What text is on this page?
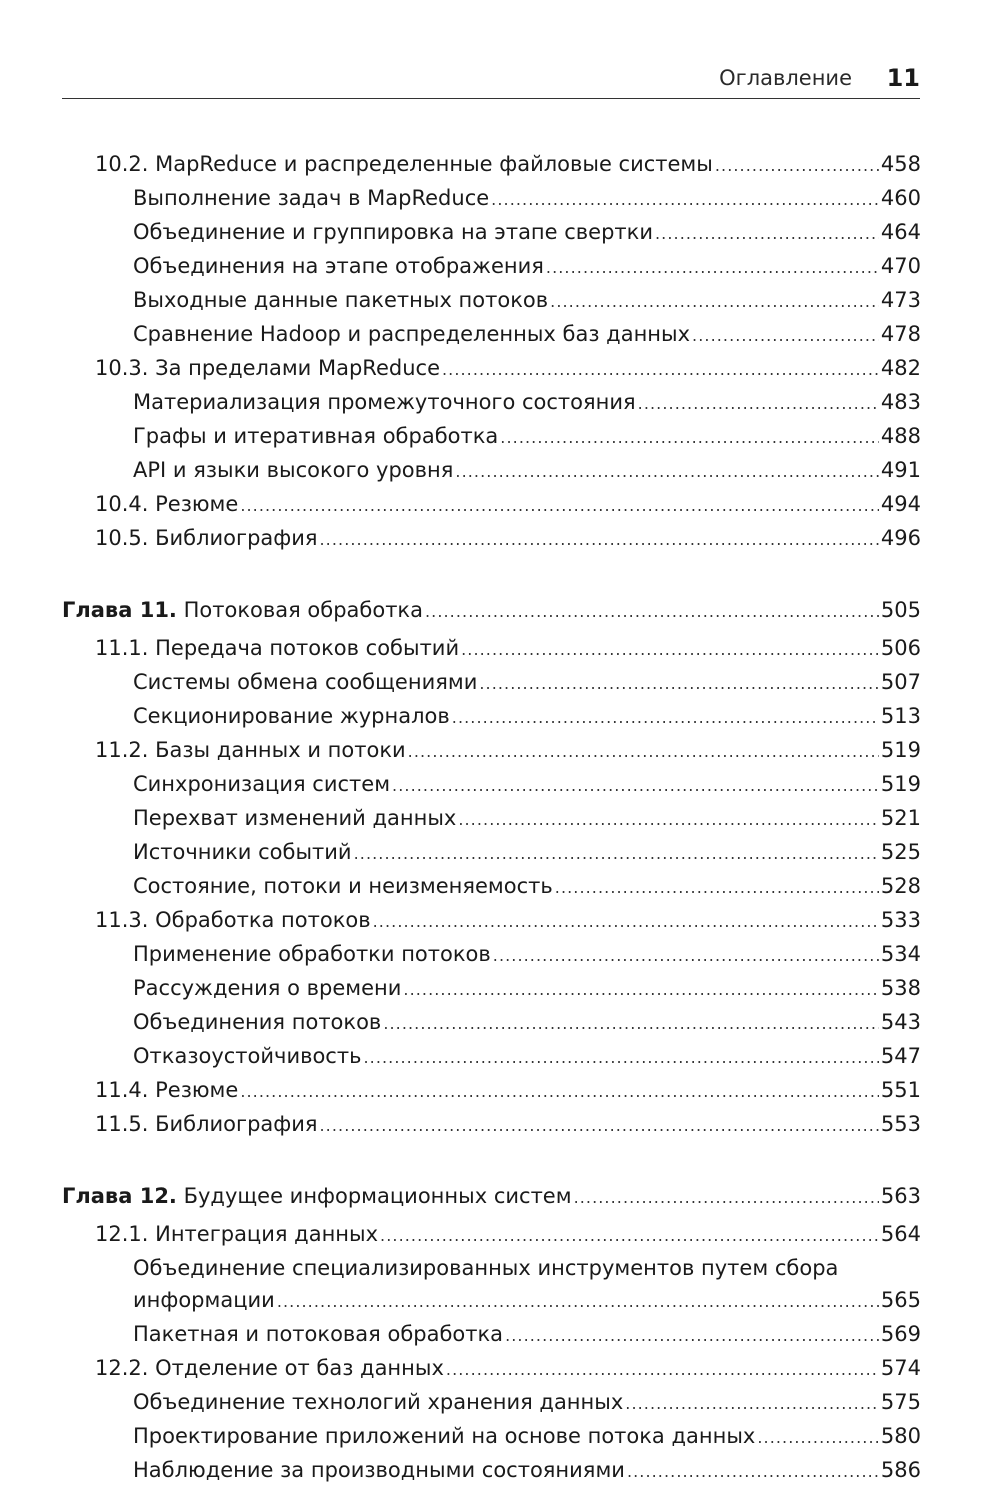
Оглавление 11
10.2. MapReduce и распределенные файловые системы . . .	458
Выполнение задач в MapReduce . . .	460
Объединение и группировка на этапе свертки . . .	464
Объединения на этапе отображения . . .	470
Выходные данные пакетных потоков . . .	473
Сравнение Hadoop и распределенных баз данных . . .	478
10.3. За пределами MapReduce . . .	482
Материализация промежуточного состояния . . .	483
Графы и итеративная обработка . . .	488
API и языки высокого уровня . . .	491
10.4. Резюме . . .	494
10.5. Библиография . . .	496
Глава 11. Потоковая обработка . . .	505
11.1. Передача потоков событий . . .	506
Системы обмена сообщениями . . .	507
Секционирование журналов . . .	513
11.2. Базы данных и потоки . . .	519
Синхронизация систем . . .	519
Перехват изменений данных . . .	521
Источники событий . . .	525
Состояние, потоки и неизменяемость . . .	528
11.3. Обработка потоков . . .	533
Применение обработки потоков . . .	534
Рассуждения о времени . . .	538
Объединения потоков . . .	543
Отказоустойчивость . . .	547
11.4. Резюме . . .	551
11.5. Библиография . . .	553
Глава 12. Будущее информационных систем . . .	563
12.1. Интеграция данных . . .	564
Объединение специализированных инструментов путем сбора
информации . . .	565
Пакетная и потоковая обработка . . .	569
12.2. Отделение от баз данных . . .	574
Объединение технологий хранения данных . . .	575
Проектирование приложений на основе потока данных . . .	580
Наблюдение за производными состояниями . . .	586
